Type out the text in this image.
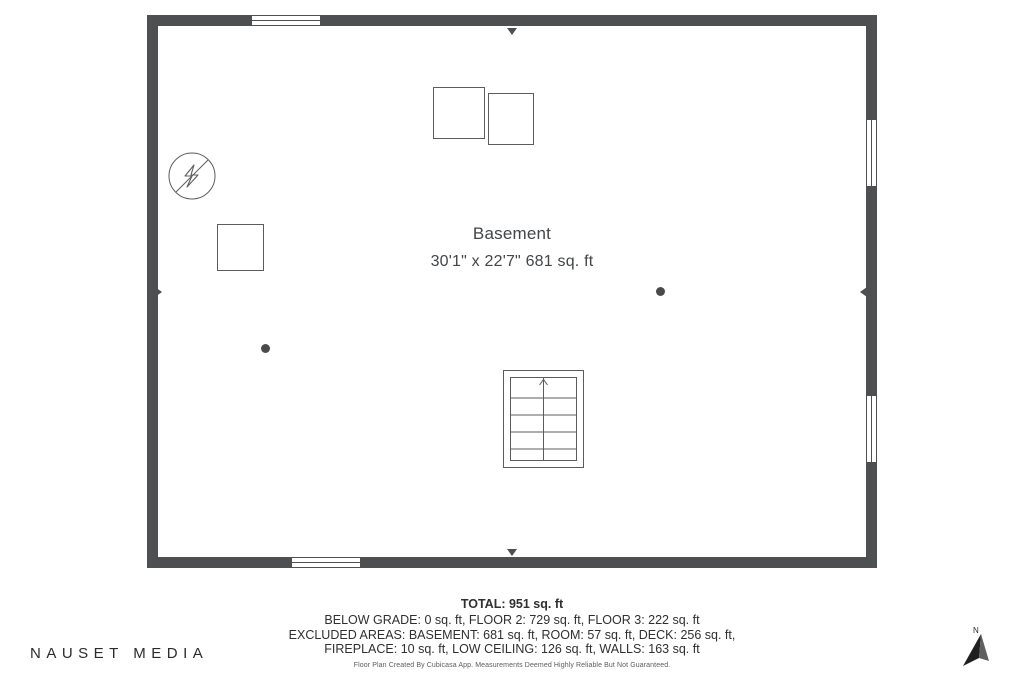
Basement
30'1" x 22'7" 681 sq. ft
TOTAL: 951 sq. ft
BELOW GRADE: 0 sq. ft, FLOOR 2: 729 sq. ft, FLOOR 3: 222 sq. ft
EXCLUDED AREAS: BASEMENT: 681 sq. ft, ROOM: 57 sq. ft, DECK: 256 sq. ft,
FIREPLACE: 10 sq. ft, LOW CEILING: 126 sq. ft, WALLS: 163 sq. ft
Floor Plan Created By Cubicasa App. Measurements Deemed Highly Reliable But Not Guaranteed.
NAUSET MEDIA
N
